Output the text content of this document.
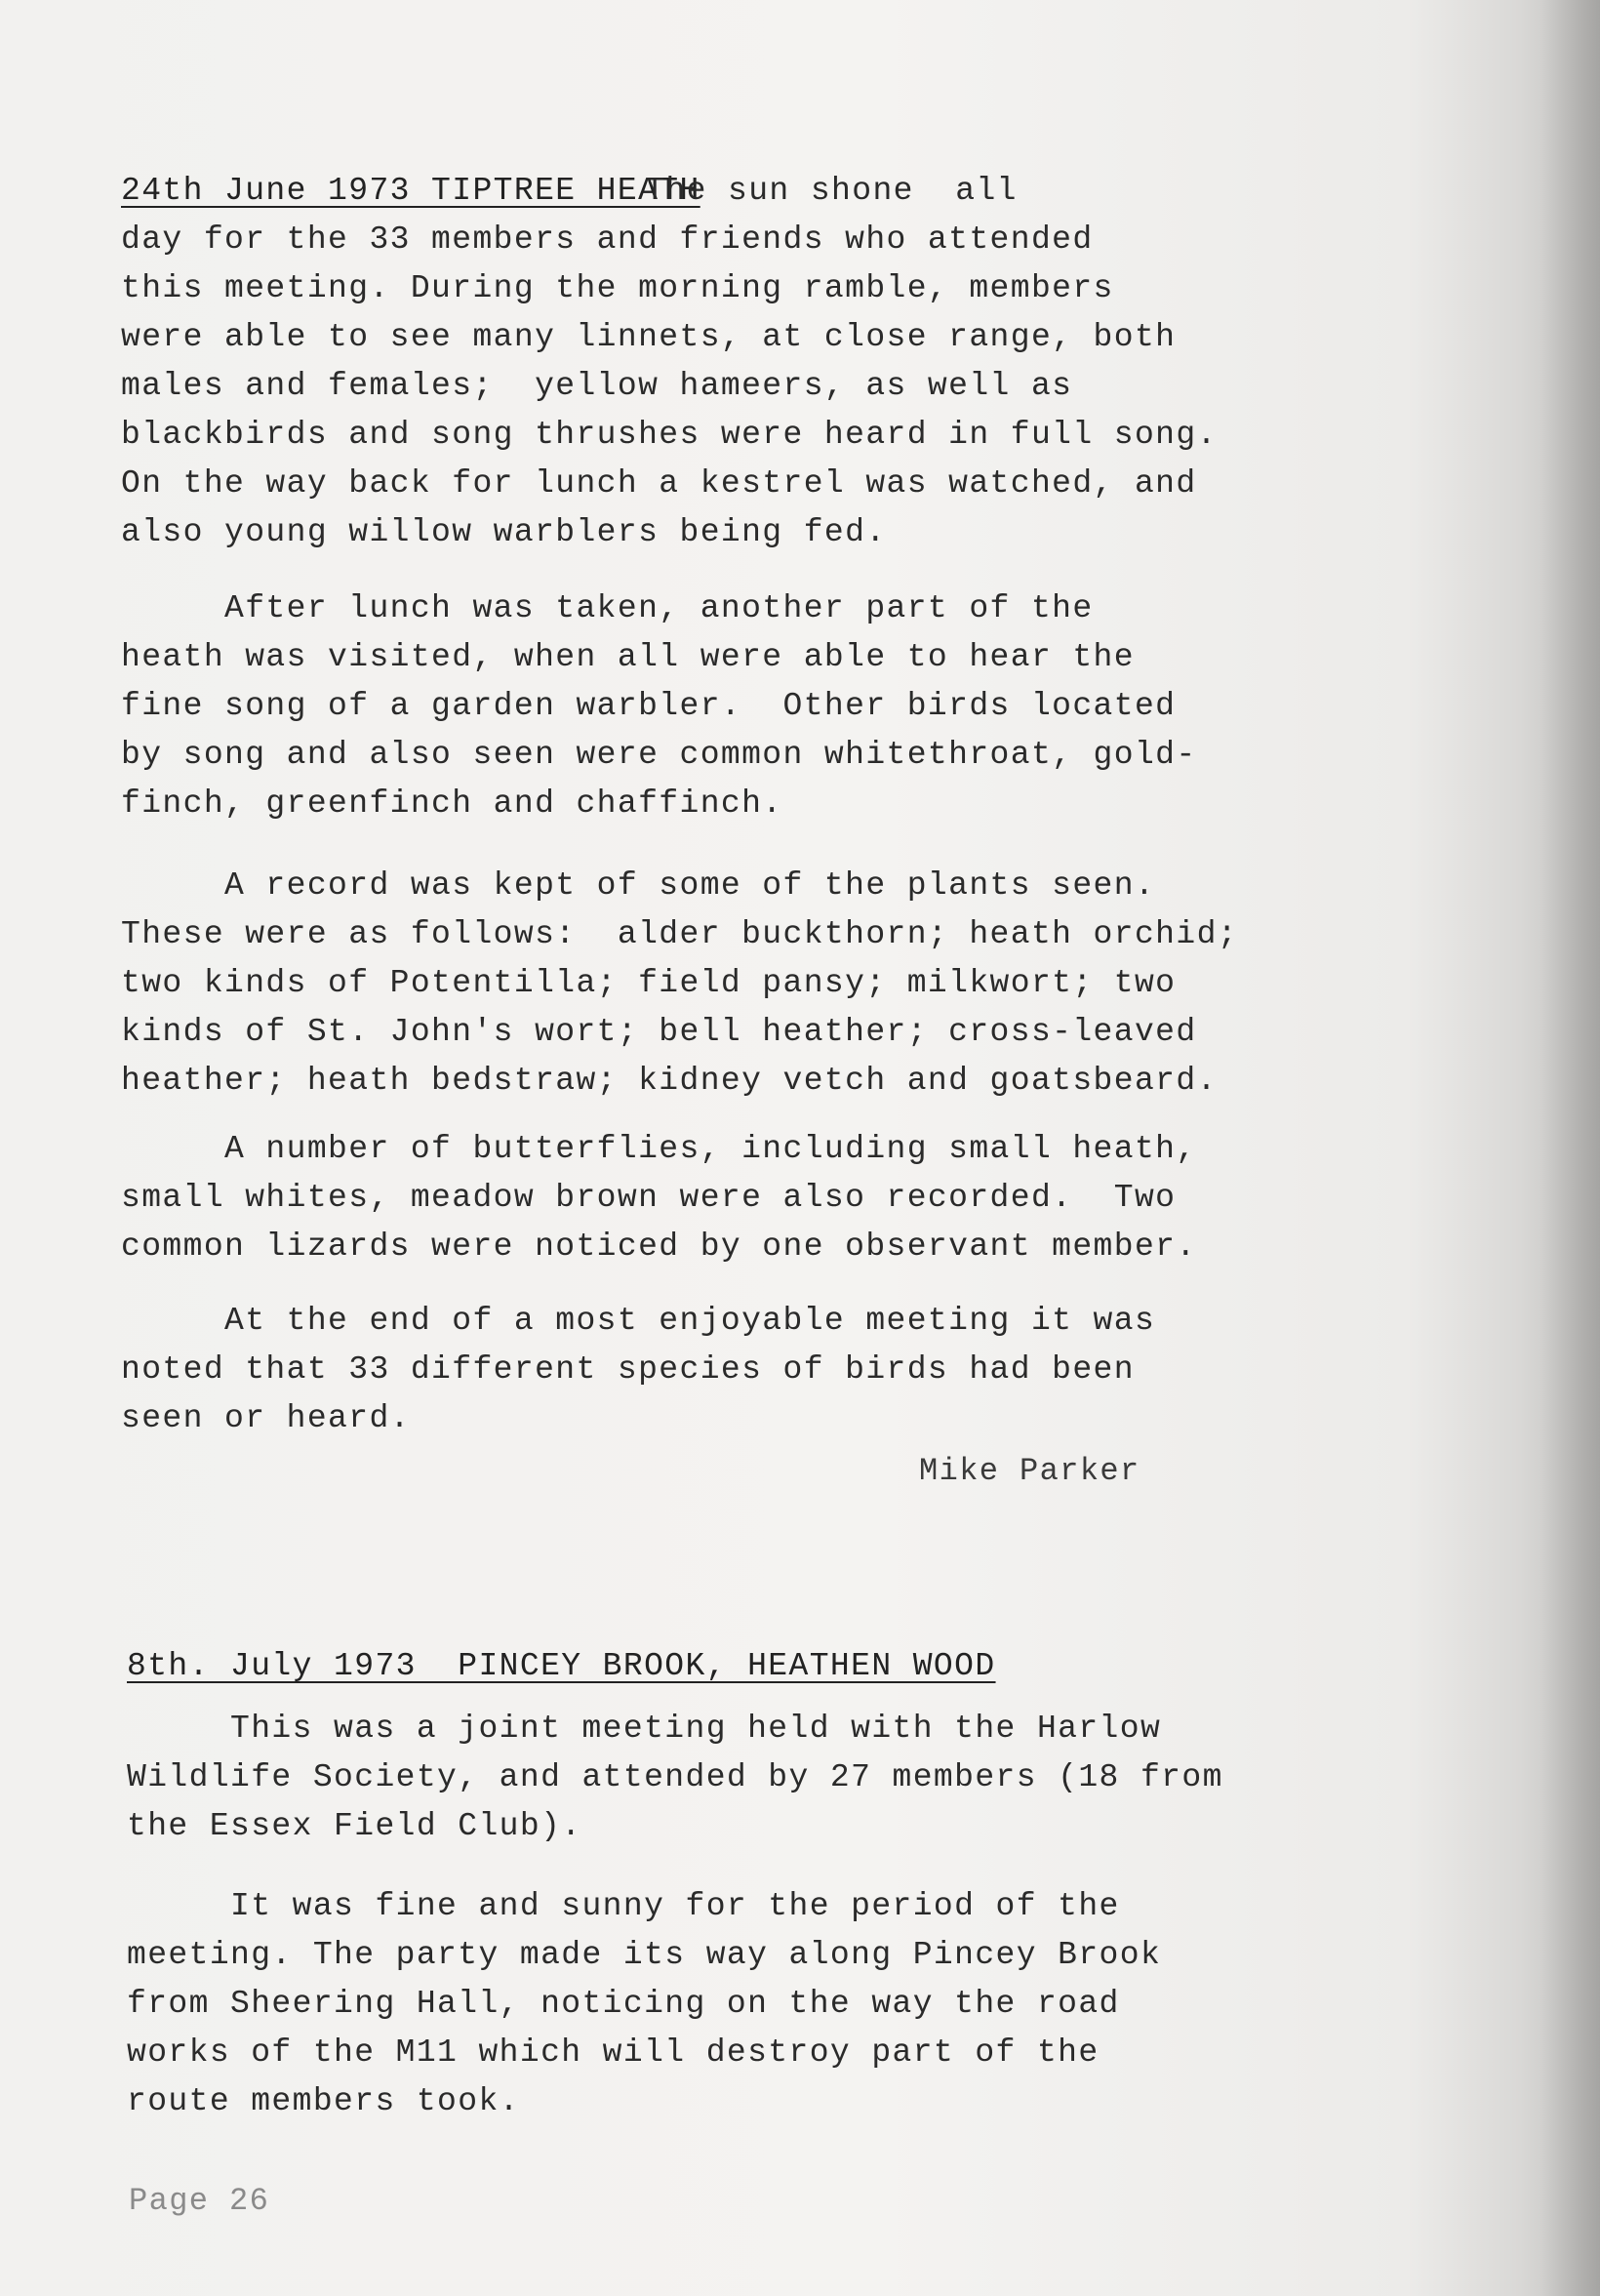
24th June 1973 TIPTREE HEATH
The sun shone  all
day for the 33 members and friends who attended
this meeting. During the morning ramble, members
were able to see many linnets, at close range, both
males and females;  yellow hameers, as well as
blackbirds and song thrushes were heard in full song.
On the way back for lunch a kestrel was watched, and
also young willow warblers being fed.
After lunch was taken, another part of the
heath was visited, when all were able to hear the
fine song of a garden warbler.  Other birds located
by song and also seen were common whitethroat, gold-
finch, greenfinch and chaffinch.
A record was kept of some of the plants seen.
These were as follows:  alder buckthorn; heath orchid;
two kinds of Potentilla; field pansy; milkwort; two
kinds of St. John's wort; bell heather; cross-leaved
heather; heath bedstraw; kidney vetch and goatsbeard.
A number of butterflies, including small heath,
small whites, meadow brown were also recorded.  Two
common lizards were noticed by one observant member.
At the end of a most enjoyable meeting it was
noted that 33 different species of birds had been
seen or heard.
Mike Parker
8th. July 1973  PINCEY BROOK, HEATHEN WOOD
This was a joint meeting held with the Harlow
Wildlife Society, and attended by 27 members (18 from
the Essex Field Club).
It was fine and sunny for the period of the
meeting. The party made its way along Pincey Brook
from Sheering Hall, noticing on the way the road
works of the M11 which will destroy part of the
route members took.
Page 26
